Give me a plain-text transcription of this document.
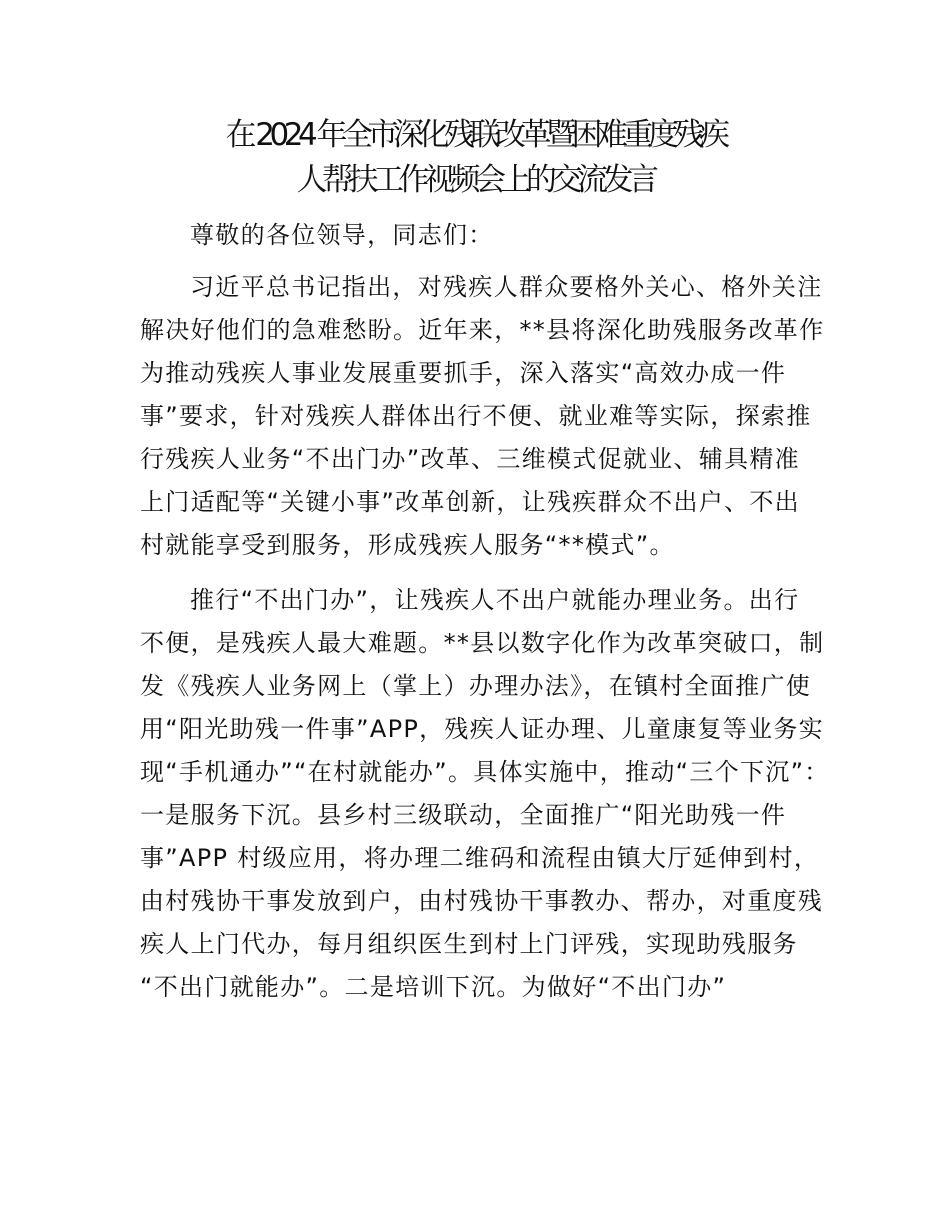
在 2024 年全市深化残联改革暨困难重度残疾
人帮扶工作视频会上的交流发言
尊敬的各位领导，同志们：
习近平总书记指出，对残疾人群众要格外关心、格外关注
解决好他们的急难愁盼。近年来，**县将深化助残服务改革作
为推动残疾人事业发展重要抓手，深入落实“高效办成一件
事”要求，针对残疾人群体出行不便、就业难等实际，探索推
行残疾人业务“不出门办”改革、三维模式促就业、辅具精准
上门适配等“关键小事”改革创新，让残疾群众不出户、不出
村就能享受到服务，形成残疾人服务“**模式”。
推行“不出门办”，让残疾人不出户就能办理业务。出行
不便，是残疾人最大难题。**县以数字化作为改革突破口，制
发《残疾人业务网上（掌上）办理办法》，在镇村全面推广使
用“阳光助残一件事”APP，残疾人证办理、儿童康复等业务实
现“手机通办”“在村就能办”。具体实施中，推动“三个下沉”：
一是服务下沉。县乡村三级联动，全面推广“阳光助残一件
事”APP 村级应用，将办理二维码和流程由镇大厅延伸到村，
由村残协干事发放到户，由村残协干事教办、帮办，对重度残
疾人上门代办，每月组织医生到村上门评残，实现助残服务
“不出门就能办”。二是培训下沉。为做好“不出门办”
